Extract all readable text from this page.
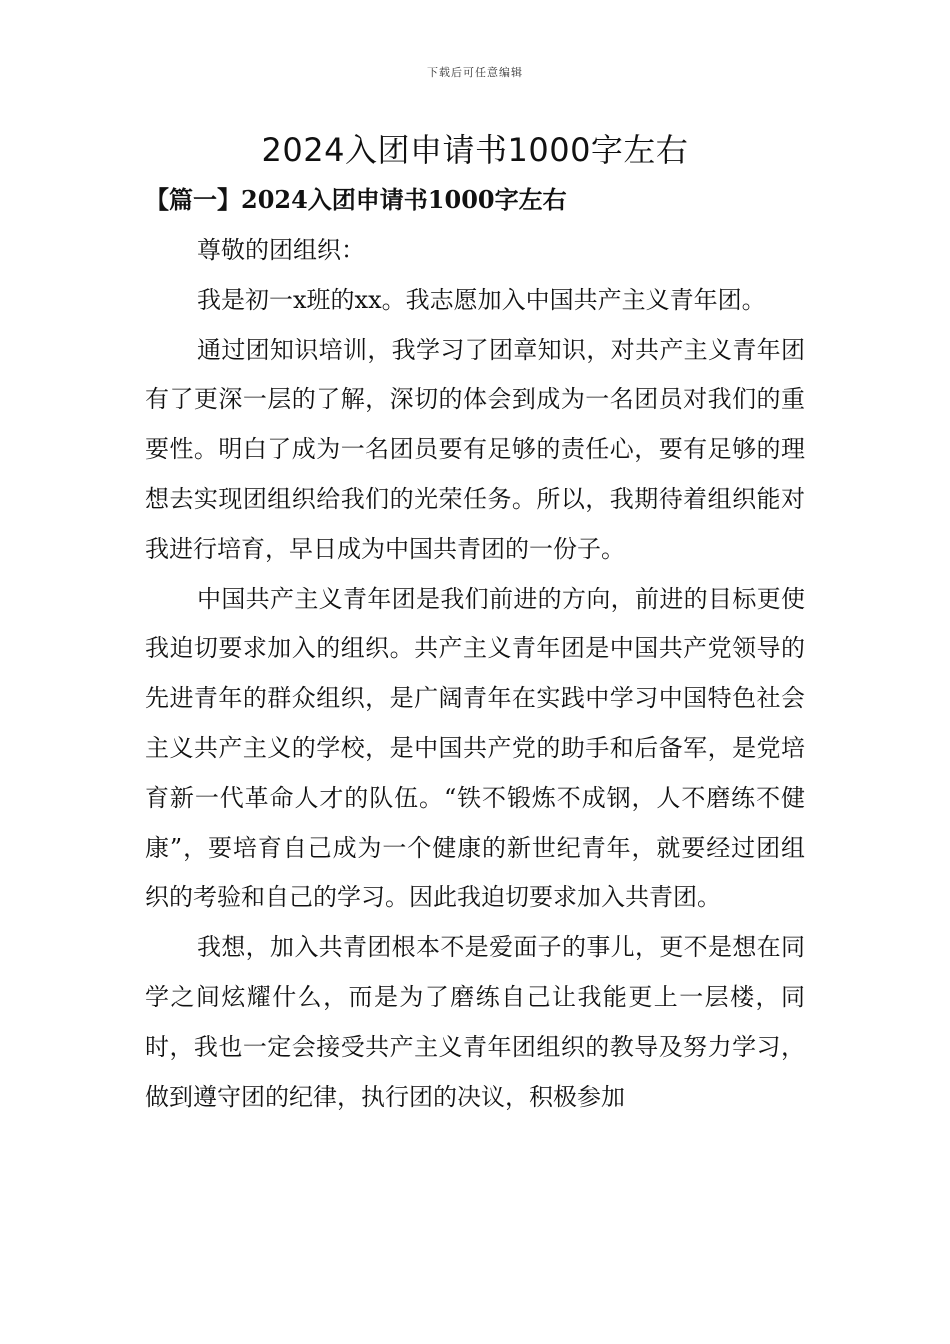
下载后可任意编辑
2024入团申请书1000字左右
【篇一】2024入团申请书1000字左右

尊敬的团组织：

我是初一x班的xx。我志愿加入中国共产主义青年团。

通过团知识培训，我学习了团章知识，对共产主义青年团有了更深一层的了解，深切的体会到成为一名团员对我们的重要性。明白了成为一名团员要有足够的责任心，要有足够的理想去实现团组织给我们的光荣任务。所以，我期待着组织能对我进行培育，早日成为中国共青团的一份子。

中国共产主义青年团是我们前进的方向，前进的目标更使我迫切要求加入的组织。共产主义青年团是中国共产党领导的先进青年的群众组织，是广阔青年在实践中学习中国特色社会主义共产主义的学校，是中国共产党的助手和后备军，是党培育新一代革命人才的队伍。“铁不锻炼不成钢，人不磨练不健康”，要培育自己成为一个健康的新世纪青年，就要经过团组织的考验和自己的学习。因此我迫切要求加入共青团。

我想，加入共青团根本不是爱面子的事儿，更不是想在同学之间炫耀什么，而是为了磨练自己让我能更上一层楼，同时，我也一定会接受共产主义青年团组织的教导及努力学习，做到遵守团的纪律，执行团的决议，积极参加
